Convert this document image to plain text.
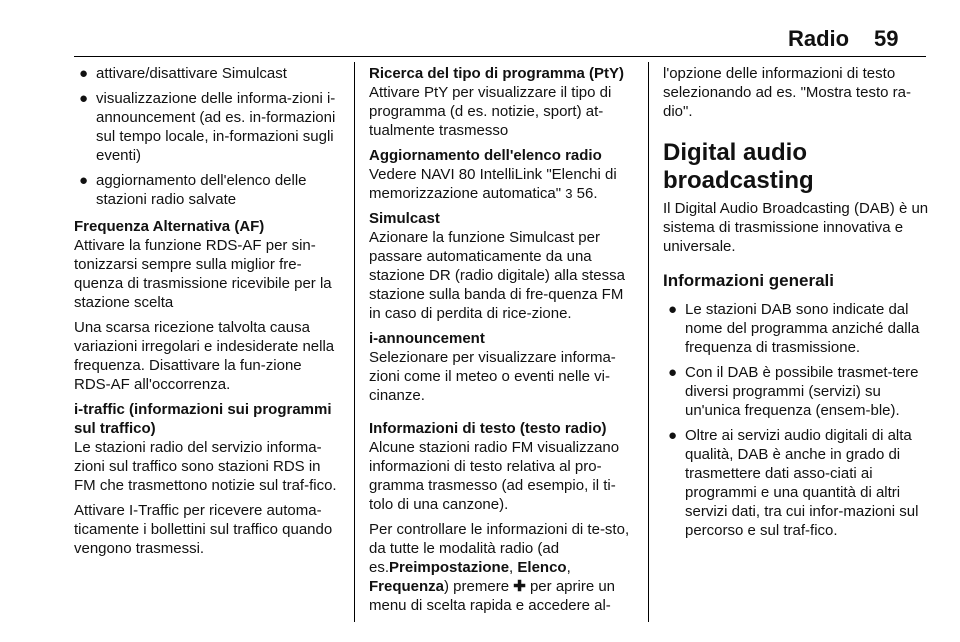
Radio 59
● attivare/disattivare Simulcast
● visualizzazione delle informa-zioni i-announcement (ad es. in-formazioni sul tempo locale, in-formazioni sugli eventi)
● aggiornamento dell'elenco delle stazioni radio salvate
Frequenza Alternativa (AF)

Attivare la funzione RDS-AF per sin-tonizzarsi sempre sulla miglior fre-quenza di trasmissione ricevibile per la stazione scelta

Una scarsa ricezione talvolta causa variazioni irregolari e indesiderate nella frequenza. Disattivare la fun-zione RDS-AF all'occorrenza.

i-traffic (informazioni sui programmi sul traffico)

Le stazioni radio del servizio informa-zioni sul traffico sono stazioni RDS in FM che trasmettono notizie sul traf-fico.

Attivare I-Traffic per ricevere automa-ticamente i bollettini sul traffico quando vengono trasmessi.

Ricerca del tipo di programma (PtY)

Attivare PtY per visualizzare il tipo di programma (d es. notizie, sport) at-tualmente trasmesso

Aggiornamento dell'elenco radio

Vedere NAVI 80 IntelliLink "Elenchi di memorizzazione automatica" 3 56.

Simulcast

Azionare la funzione Simulcast per passare automaticamente da una stazione DR (radio digitale) alla stessa stazione sulla banda di fre-quenza FM in caso di perdita di rice-zione.

i-announcement

Selezionare per visualizzare informa-zioni come il meteo o eventi nelle vi-cinanze.

Informazioni di testo (testo radio)

Alcune stazioni radio FM visualizzano informazioni di testo relativa al pro-gramma trasmesso (ad esempio, il ti-tolo di una canzone).

Per controllare le informazioni di te-sto, da tutte le modalità radio (ad es.Preimpostazione, Elenco, Frequenza) premere ✚ per aprire un menu di scelta rapida e accedere al-

l'opzione delle informazioni di testo selezionando ad es. "Mostra testo ra-dio".

Digital audio broadcasting

Il Digital Audio Broadcasting (DAB) è un sistema di trasmissione innovativa e universale.

Informazioni generali
● Le stazioni DAB sono indicate dal nome del programma anziché dalla frequenza di trasmissione.
● Con il DAB è possibile trasmet-tere diversi programmi (servizi) su un'unica frequenza (ensem-ble).
● Oltre ai servizi audio digitali di alta qualità, DAB è anche in grado di trasmettere dati asso-ciati ai programmi e una quantità di altri servizi dati, tra cui infor-mazioni sul percorso e sul traf-fico.
